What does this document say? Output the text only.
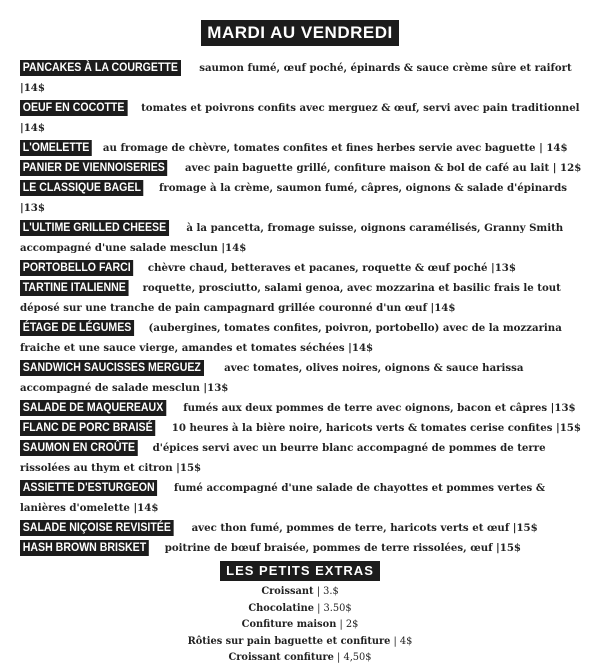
MARDI AU VENDREDI

PANCAKES À LA COURGETTE saumon fumé, œuf poché, épinards & sauce crème sûre et raifort |14$

OEUF EN COCOTTE tomates et poivrons confits avec merguez & œuf, servi avec pain traditionnel |14$

L'OMELETTE au fromage de chèvre, tomates confites et fines herbes servie avec baguette | 14$

PANIER DE VIENNOISERIES avec pain baguette grillé, confiture maison & bol de café au lait | 12$

LE CLASSIQUE BAGEL fromage à la crème, saumon fumé, câpres, oignons & salade d'épinards |13$

L'ULTIME GRILLED CHEESE à la pancetta, fromage suisse, oignons caramélisés, Granny Smith accompagné d'une salade mesclun |14$

PORTOBELLO FARCI chèvre chaud, betteraves et pacanes, roquette & œuf poché |13$

TARTINE ITALIENNE roquette, prosciutto, salami genoa, avec mozzarina et basilic frais le tout déposé sur une tranche de pain campagnard grillée couronné d'un œuf |14$

ÉTAGE DE LÉGUMES (aubergines, tomates confites, poivron, portobello) avec de la mozzarina fraiche et une sauce vierge, amandes et tomates séchées |14$

SANDWICH SAUCISSES MERGUEZ avec tomates, olives noires, oignons & sauce harissa accompagné de salade mesclun |13$

SALADE DE MAQUEREAUX fumés aux deux pommes de terre avec oignons, bacon et câpres |13$

FLANC DE PORC BRAISÉ 10 heures à la bière noire, haricots verts & tomates cerise confites |15$

SAUMON EN CROÛTE d'épices servi avec un beurre blanc accompagné de pommes de terre rissolées au thym et citron |15$

ASSIETTE D'ESTURGEON fumé accompagné d'une salade de chayottes et pommes vertes & lanières d'omelette |14$

SALADE NIÇOISE REVISITÉE avec thon fumé, pommes de terre, haricots verts et œuf |15$

HASH BROWN BRISKET poitrine de bœuf braisée, pommes de terre rissolées, œuf |15$

LES PETITS EXTRAS
Croissant | 3.$
Chocolatine | 3.50$
Confiture maison | 2$
Rôties sur pain baguette et confiture | 4$
Croissant confiture | 4,50$
